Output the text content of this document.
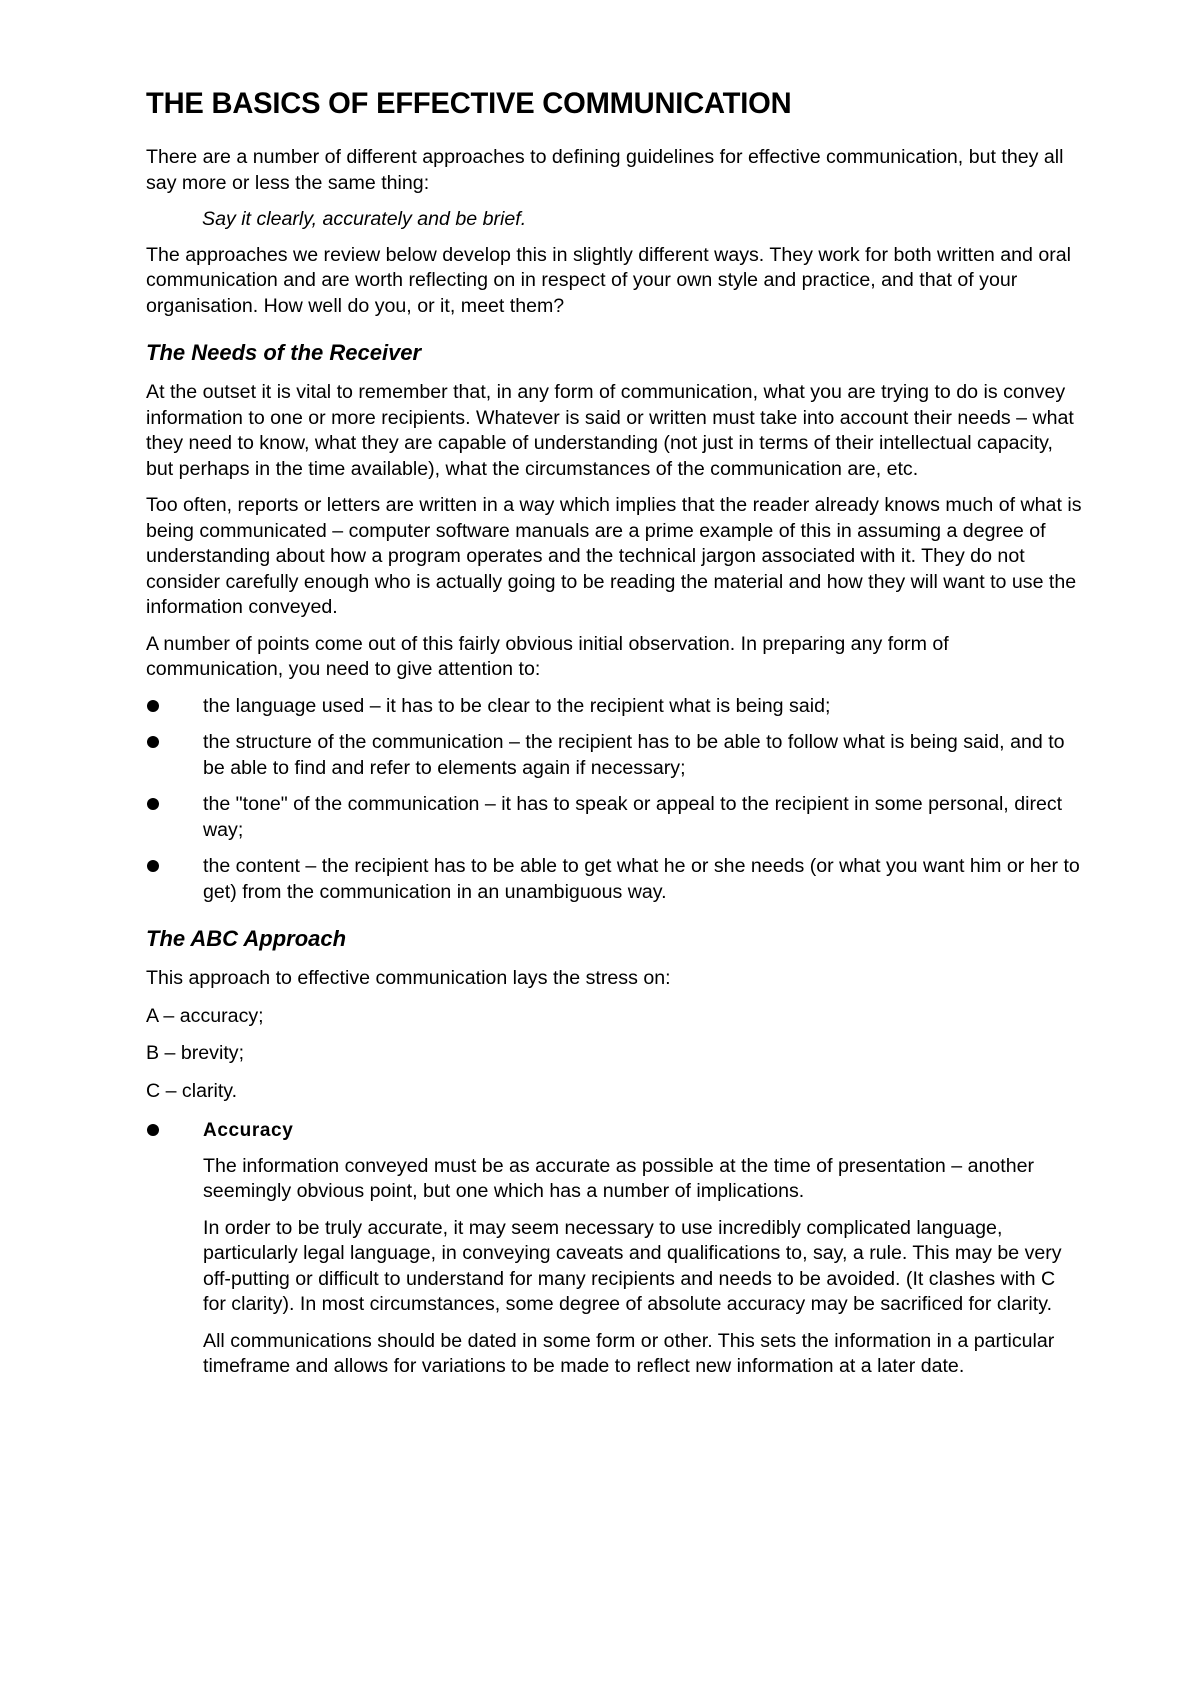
THE BASICS OF EFFECTIVE COMMUNICATION

There are a number of different approaches to defining guidelines for effective communication, but they all say more or less the same thing:

Say it clearly, accurately and be brief.

The approaches we review below develop this in slightly different ways. They work for both written and oral communication and are worth reflecting on in respect of your own style and practice, and that of your organisation. How well do you, or it, meet them?

The Needs of the Receiver

At the outset it is vital to remember that, in any form of communication, what you are trying to do is convey information to one or more recipients. Whatever is said or written must take into account their needs – what they need to know, what they are capable of understanding (not just in terms of their intellectual capacity, but perhaps in the time available), what the circumstances of the communication are, etc.

Too often, reports or letters are written in a way which implies that the reader already knows much of what is being communicated – computer software manuals are a prime example of this in assuming a degree of understanding about how a program operates and the technical jargon associated with it. They do not consider carefully enough who is actually going to be reading the material and how they will want to use the information conveyed.

A number of points come out of this fairly obvious initial observation. In preparing any form of communication, you need to give attention to:

the language used – it has to be clear to the recipient what is being said;
the structure of the communication – the recipient has to be able to follow what is being said, and to be able to find and refer to elements again if necessary;
the "tone" of the communication – it has to speak or appeal to the recipient in some personal, direct way;
the content – the recipient has to be able to get what he or she needs (or what you want him or her to get) from the communication in an unambiguous way.
The ABC Approach

This approach to effective communication lays the stress on:

A – accuracy;

B – brevity;

C – clarity.

Accuracy

The information conveyed must be as accurate as possible at the time of presentation – another seemingly obvious point, but one which has a number of implications.

In order to be truly accurate, it may seem necessary to use incredibly complicated language, particularly legal language, in conveying caveats and qualifications to, say, a rule. This may be very off-putting or difficult to understand for many recipients and needs to be avoided. (It clashes with C for clarity). In most circumstances, some degree of absolute accuracy may be sacrificed for clarity.

All communications should be dated in some form or other. This sets the information in a particular timeframe and allows for variations to be made to reflect new information at a later date.
